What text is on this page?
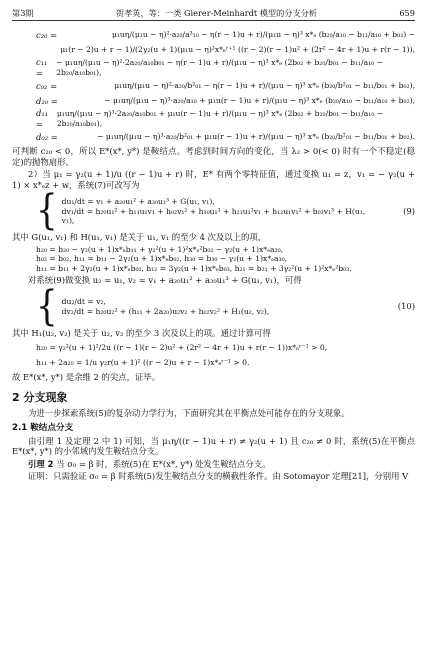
第3期	贺孝英，等：一类 Gierer-Meinhardt 模型的分支分析	659
c₂₀ =	μ₁uη/(μ₁u − η)²·a₂₀/a³₁₀ − η(r − 1)u + r)/(μ₁u − η)³ x*ₑ (b₂₀/a₁₀ − b₁₁/a₁₀ + b₀₂) −
μ₁(r − 2)u + r − 1)/(2γ₂(u + 1)(μ₁u − η)²x*ₑʳ⁺¹ ((r − 2)(r − 1)u² + (2r² − 4r + 1)u + r(r − 1)),
c₁₁ =
− μ₁uη/(μ₁u − η)²·2a₂₀/a₁₀b₀₁ − η(r − 1)u + r)/(μ₁u − η)³ x*ₑ (2b₀₂ + b₂₀/b₀₁ − b₁₁/a₁₀ − 2b₂₀/a₁₀b₀₁),
c₀₂ =	μ₁uη/(μ₁u − η)²·a₂₀/b²₀₁ − η(r − 1)u + r)/(μ₁u − η)³ x*ₑ (b₂₀/b²₀₁ − b₁₁/b₀₁ + b₀₂),
d₂₀ =	− μ₁uη/(μ₁u − η)³·a₂₀/a₁₀ + μ₁u(r − 1)u + r)/(μ₁u − η)³ x*ₑ (b₂₀/a₁₀ − b₁₁/a₁₀ + b₀₂),
d₁₁ =
μ₁uη/(μ₁u − η)³·2a₂₀/a₁₀b₀₁ + μ₁u(r − 1)u + r)/(μ₁u − η)³ x*ₑ (2b₀₂ + b₂₀/b₀₁ − b₁₁/a₁₀ − 2b₂₀/a₁₀b₀₁),
d₀₂ =	− μ₁uη/(μ₁u − η)³·a₂₀/b²₀₁ + μ₁u(r − 1)u + r)/(μ₁u − η)³ x*ₑ (b₂₀/b²₀₁ − b₁₁/b₀₁ + b₀₂).

可判断 c₂₀ < 0，所以 E*(x*, y*) 是鞍结点。考虑到时间方向的变化，当 λ₂ > 0(< 0) 时有一个不稳定(稳定)的抛物扇形。

2）当 μ₁ = γ₂(u + 1)/u ((r − 1)u + r) 时，E* 有两个零特征值，通过变换 u₁ = z，v₁ = − γ₂(u + 1) × x*ₑz + w，系统(7)可改写为

{ du₁/dt = v₁ + a₂₀u₁² + a₃₀u₁³ + G(u₁, v₁),
dv₁/dt = h₂₀u₁² + h₁₁u₁v₁ + h₀₂v₁² + h₃₀u₁³ + h₂₁u₁²v₁ + h₁₂u₁v₁² + b₀₃v₁³ + H(u₁, v₁),
(9)

其中 G(u₁, v₁) 和 H(u₁, v₁) 是关于 u₁, v₁ 的至少 4 次及以上的项，

h₂₀ = b₂₀ − γ₂(u + 1)x*ₑb₁₁ + γ₂²(u + 1)²x*ₑ²b₀₂ − γ₂(u + 1)x*ₑa₂₀,
h₀₂ = b₀₂, h₁₁ = b₁₁ − 2γ₂(u + 1)x*ₑb₀₂, h₃₀ = b₃₀ − γ₂(u + 1)x*ₑa₃₀,
h₁₁ = b₁₁ + 2γ₂(u + 1)x*ₑb₀₂, h₁₂ = 3γ₂(u + 1)x*ₑb₀₃, h₂₁ = b₂₁ + 3γ₂²(u + 1)²x*ₑ²b₀₃.

对系统(9)做变换 u₂ = u₁, v₂ = v₁ + a₂₀u₁² + a₃₀u₁³ + G(u₁, v₁)，可得

{ du₂/dt = v₂,
dv₂/dt = h₂₀u₂² + (h₁₁ + 2a₂₀)u₂v₂ + h₀₂v₂² + H₁(u₂, v₂),	(10)

其中 H₁(u₂, v₂) 是关于 u₂, v₂ 的至少 3 次及以上的项。通过计算可得

h₂₀ = γ₂²(u + 1)²/2u ((r − 1)(r − 2)u² + (2r² − 4r + 1)u + r(r − 1))x*ₑʳ⁻¹ > 0,
h₁₁ + 2a₂₀ = 1/u γ₂r(u + 1)² ((r − 2)u + r − 1)x*ₑʳ⁻¹ > 0.

故 E*(x*, y*) 是余维 2 的尖点，证毕。

2 分支现象

为进一步探索系统(5)的复杂动力学行为，下面研究其在平衡点处可能存在的分支现象。

2.1 鞍结点分支

由引理 1 及定理 2 中 1) 可知，当 μ₁η/((r − 1)u + r) ≠ γ₂(u + 1) 且 c₂₀ ≠ 0 时，系统(5)在平衡点 E*(x*, y*) 的小邻域内发生鞍结点分支。

引理 2 当 σ₀ = β 时，系统(5)在 E*(x*, y*) 处发生鞍结点分支。

证明：只需验证 σ₀ = β 时系统(5)发生鞍结点分支的横截性条件。由 Sotomayor 定理[21]，分别用 V
